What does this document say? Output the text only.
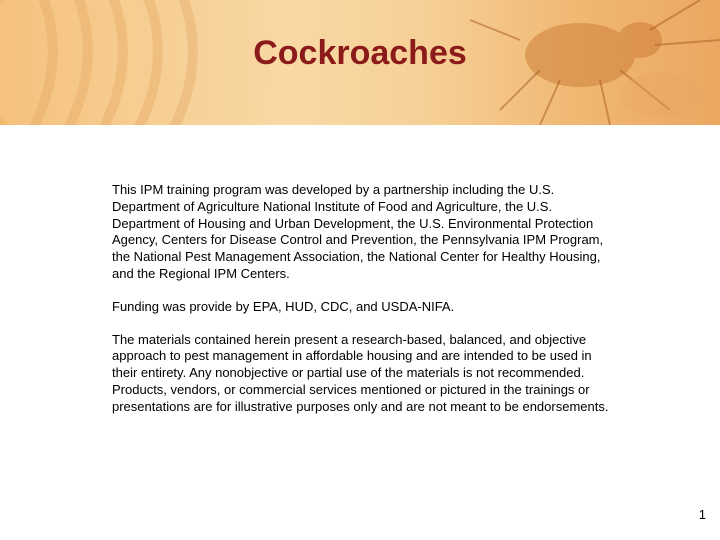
Cockroaches

This IPM training program was developed by a partnership including the U.S. Department of Agriculture National Institute of Food and Agriculture, the U.S. Department of Housing and Urban Development, the U.S. Environmental Protection Agency, Centers for Disease Control and Prevention, the Pennsylvania IPM Program, the National Pest Management Association, the National Center for Healthy Housing, and the Regional IPM Centers.

Funding was provide by EPA, HUD, CDC, and USDA-NIFA.

The materials contained herein present a research-based, balanced, and objective approach to pest management in affordable housing and are intended to be used in their entirety. Any nonobjective or partial use of the materials is not recommended. Products, vendors, or commercial services mentioned or pictured in the trainings or presentations are for illustrative purposes only and are not meant to be endorsements.

1
